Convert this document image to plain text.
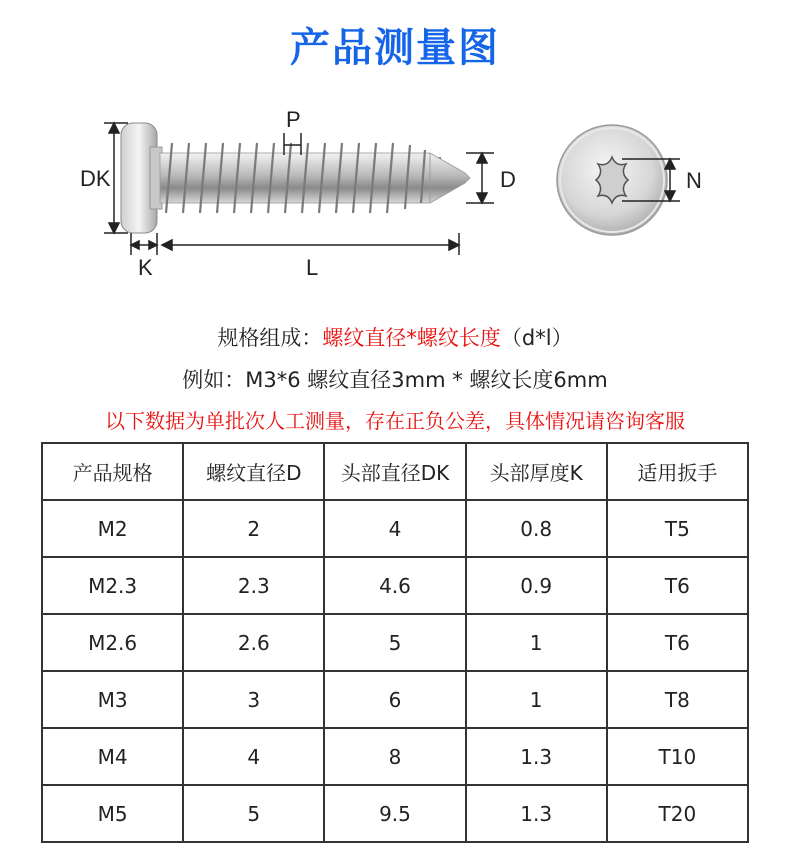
产品测量图
DK
P
D
K	L
N
规格组成：螺纹直径*螺纹长度（d*l）
例如：M3*6 螺纹直径3mm * 螺纹长度6mm
以下数据为单批次人工测量，存在正负公差，具体情况请咨询客服
产品规格	螺纹直径D	头部直径DK	头部厚度K	适用扳手
M2	2	4	0.8	T5
M2.3	2.3	4.6	0.9	T6
M2.6	2.6	5	1	T6
M3	3	6	1	T8
M4	4	8	1.3	T10
M5	5	9.5	1.3	T20
